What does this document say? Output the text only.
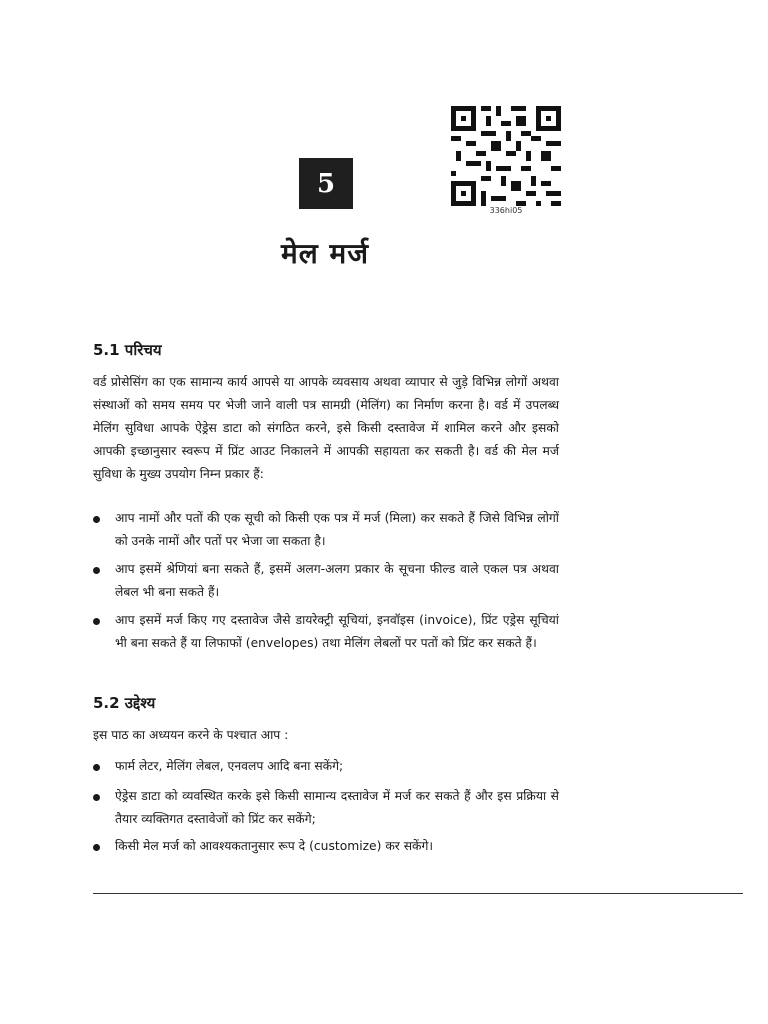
336hi05
5
मेल मर्ज
5.1 परिचय

वर्ड प्रोसेसिंग का एक सामान्य कार्य आपसे या आपके व्यवसाय अथवा व्यापार से जुड़े विभिन्न लोगों अथवा संस्थाओं को समय समय पर भेजी जाने वाली पत्र सामग्री (मेलिंग) का निर्माण करना है। वर्ड में उपलब्ध मेलिंग सुविधा आपके ऐड्रेस डाटा को संगठित करने, इसे किसी दस्तावेज में शामिल करने और इसको आपकी इच्छानुसार स्वरूप में प्रिंट आउट निकालने में आपकी सहायता कर सकती है। वर्ड की मेल मर्ज सुविधा के मुख्य उपयोग निम्न प्रकार हैं:

आप नामों और पतों की एक सूची को किसी एक पत्र में मर्ज (मिला) कर सकते हैं जिसे विभिन्न लोगों को उनके नामों और पतों पर भेजा जा सकता है।
आप इसमें श्रेणियां बना सकते हैं, इसमें अलग-अलग प्रकार के सूचना फील्ड वाले एकल पत्र अथवा लेबल भी बना सकते हैं।
आप इसमें मर्ज किए गए दस्तावेज जैसे डायरेक्ट्री सूचियां, इनवॉइस (invoice), प्रिंट एड्रेस सूचियां भी बना सकते हैं या लिफाफों (envelopes) तथा मेलिंग लेबलों पर पतों को प्रिंट कर सकते हैं।
5.2 उद्देश्य

इस पाठ का अध्ययन करने के पश्चात आप :

फार्म लेटर, मेलिंग लेबल, एनवलप आदि बना सकेंगे;
ऐड्रेस डाटा को व्यवस्थित करके इसे किसी सामान्य दस्तावेज में मर्ज कर सकते हैं और इस प्रक्रिया से तैयार व्यक्तिगत दस्तावेजों को प्रिंट कर सकेंगे;
किसी मेल मर्ज को आवश्यकतानुसार रूप दे (customize) कर सकेंगे।
